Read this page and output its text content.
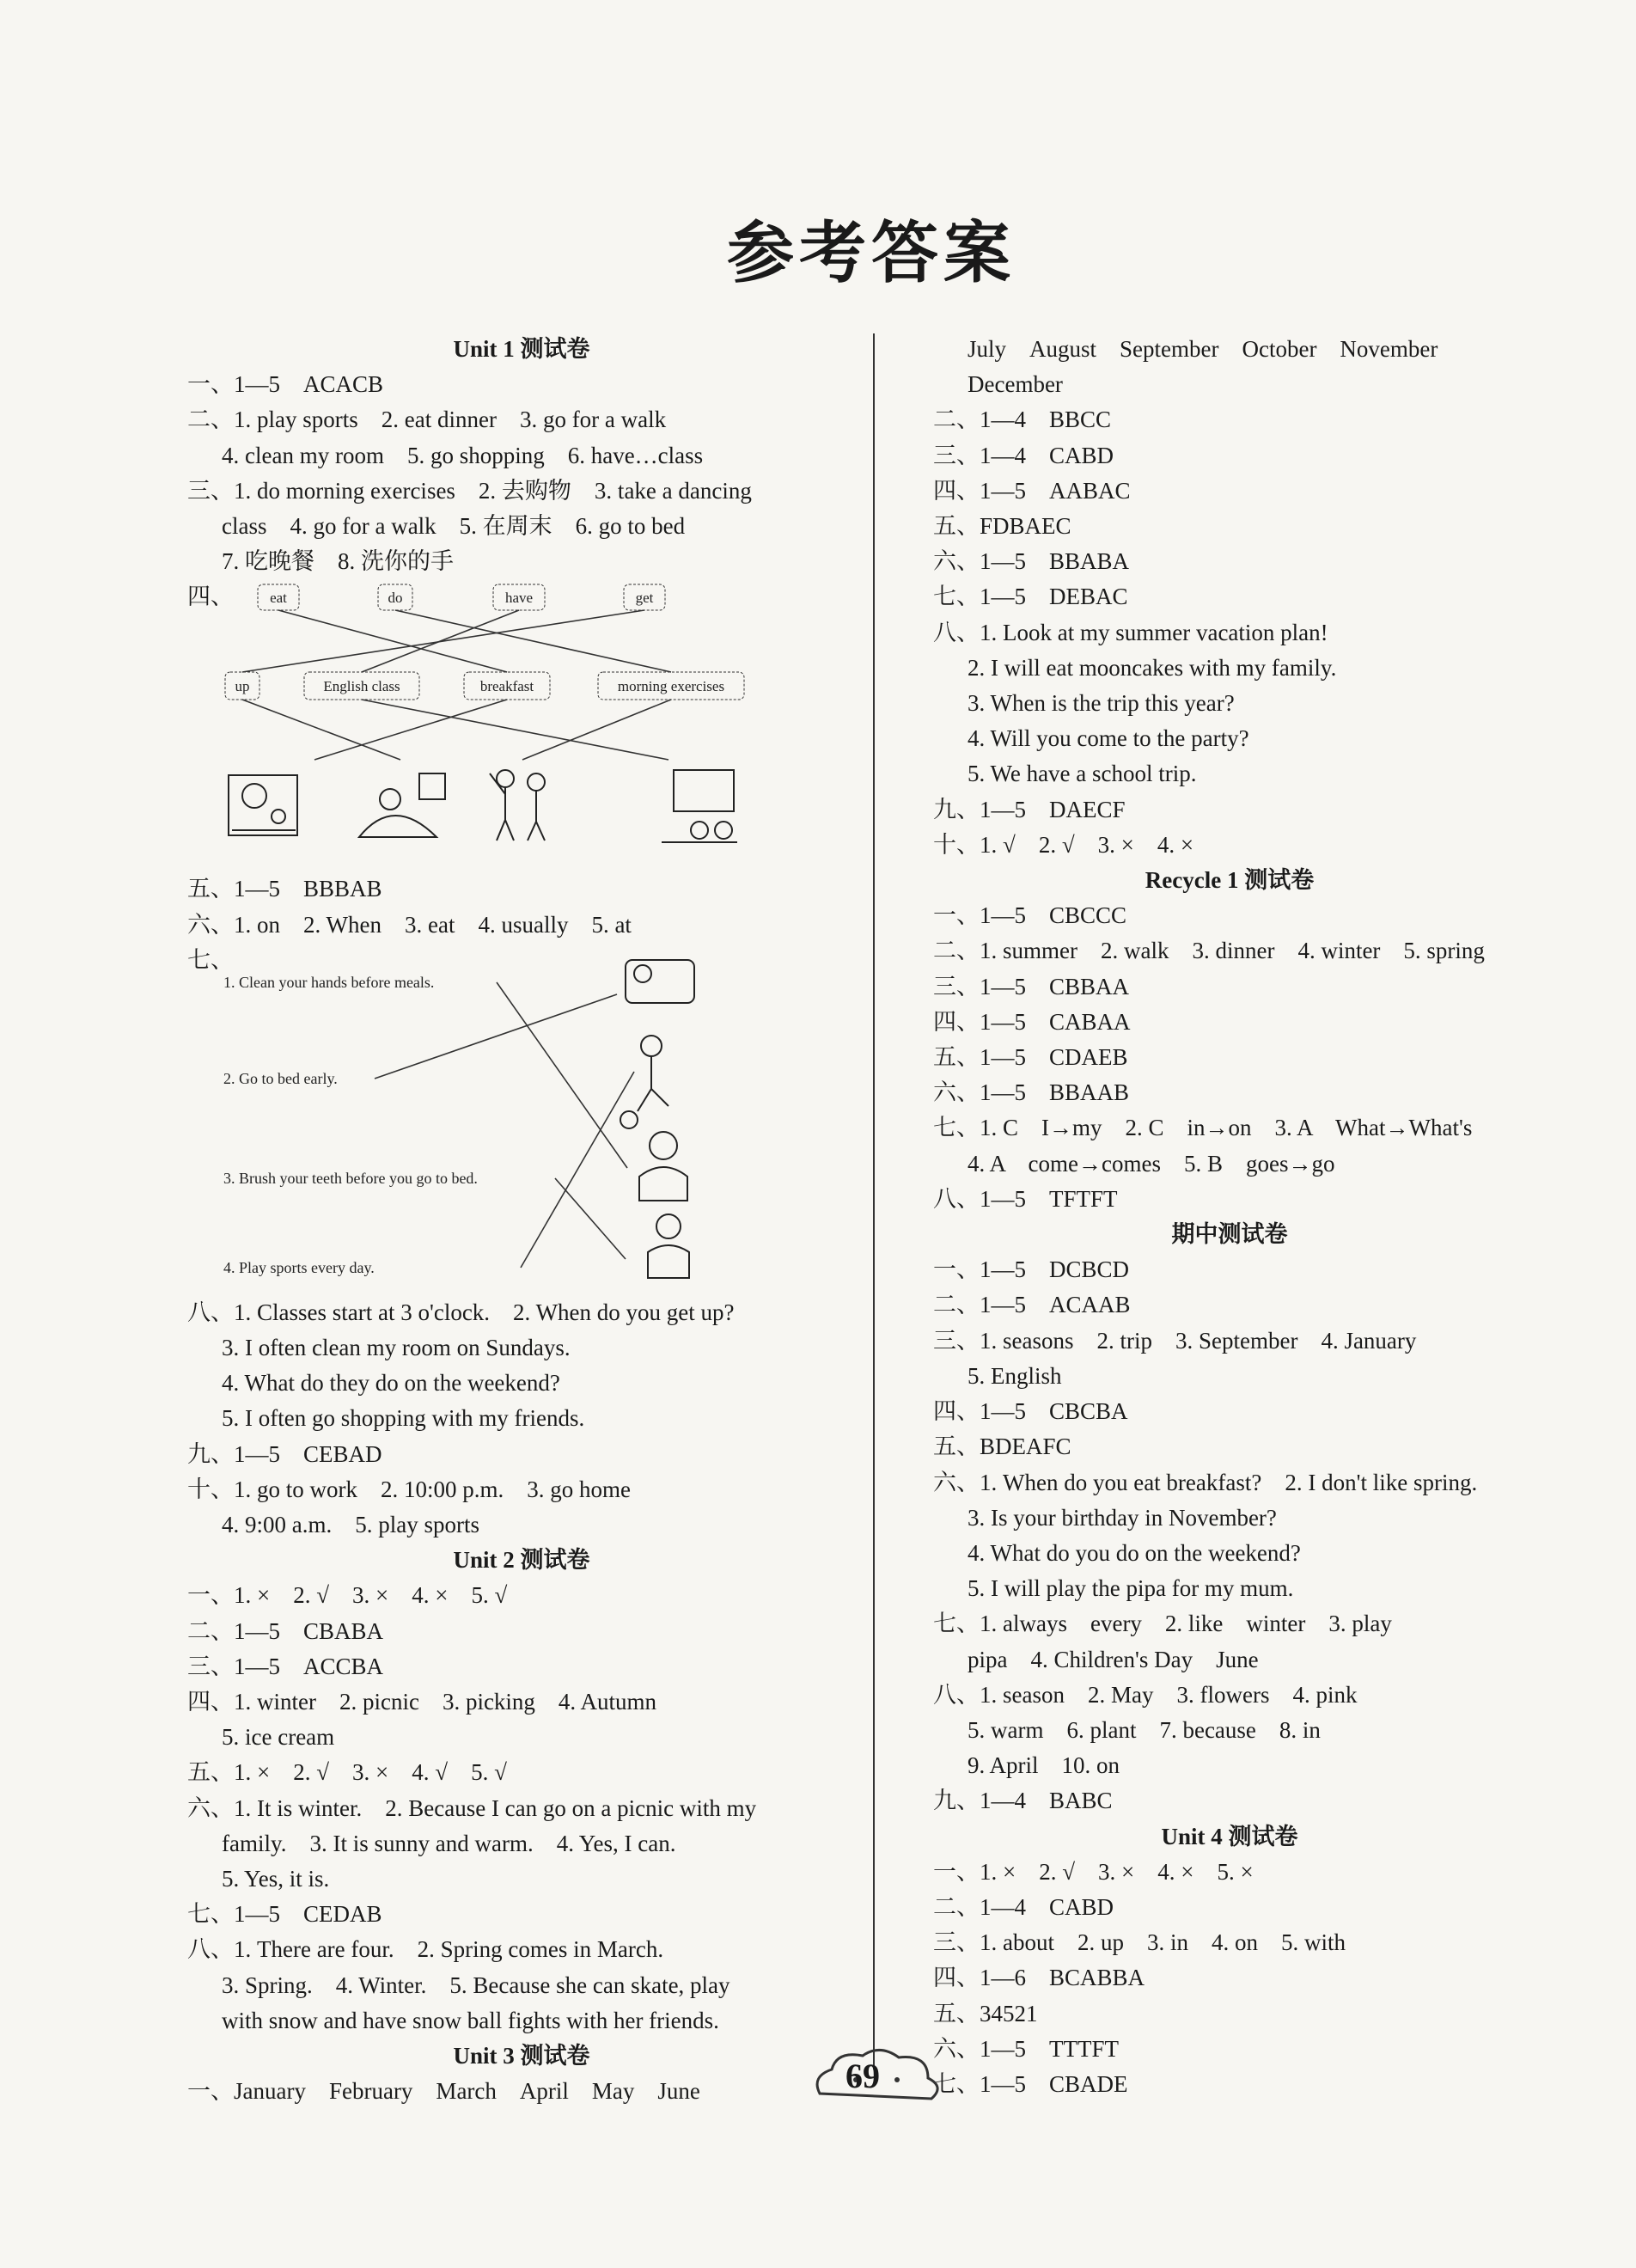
参考答案
Unit 1 测试卷
一、1—5　ACACB
二、1. play sports　2. eat dinner　3. go for a walk
4. clean my room　5. go shopping　6. have…class
三、1. do morning exercises　2. 去购物　3. take a dancing
class　4. go for a walk　5. 在周末　6. go to bed
7. 吃晚餐　8. 洗你的手
四、 eat	do	have	get
up	English class	breakfast	morning exercises
五、1—5　BBBAB
六、1. on　2. When　3. eat　4. usually　5. at
七、
1. Clean your hands before meals.
2. Go to bed early.
3. Brush your teeth before you go to bed.
4. Play sports every day.
八、1. Classes start at 3 o'clock.　2. When do you get up?
3. I often clean my room on Sundays.
4. What do they do on the weekend?
5. I often go shopping with my friends.
九、1—5　CEBAD
十、1. go to work　2. 10:00 p.m.　3. go home
4. 9:00 a.m.　5. play sports
Unit 2 测试卷
一、1. ×　2. √　3. ×　4. ×　5. √
二、1—5　CBABA
三、1—5　ACCBA
四、1. winter　2. picnic　3. picking　4. Autumn
5. ice cream
五、1. ×　2. √　3. ×　4. √　5. √
六、1. It is winter.　2. Because I can go on a picnic with my
family.　3. It is sunny and warm.　4. Yes, I can.
5. Yes, it is.
七、1—5　CEDAB
八、1. There are four.　2. Spring comes in March.
3. Spring.　4. Winter.　5. Because she can skate, play
with snow and have snow ball fights with her friends.
Unit 3 测试卷
一、January　February　March　April　May　June
July　August　September　October　November
December
二、1—4　BBCC
三、1—4　CABD
四、1—5　AABAC
五、FDBAEC
六、1—5　BBABA
七、1—5　DEBAC
八、1. Look at my summer vacation plan!
2. I will eat mooncakes with my family.
3. When is the trip this year?
4. Will you come to the party?
5. We have a school trip.
九、1—5　DAECF
十、1. √　2. √　3. ×　4. ×
Recycle 1 测试卷
一、1—5　CBCCC
二、1. summer　2. walk　3. dinner　4. winter　5. spring
三、1—5　CBBAA
四、1—5　CABAA
五、1—5　CDAEB
六、1—5　BBAAB
七、1. C　I→my　2. C　in→on　3. A　What→What's
4. A　come→comes　5. B　goes→go
八、1—5　TFTFT
期中测试卷
一、1—5　DCBCD
二、1—5　ACAAB
三、1. seasons　2. trip　3. September　4. January
5. English
四、1—5　CBCBA
五、BDEAFC
六、1. When do you eat breakfast?　2. I don't like spring.
3. Is your birthday in November?
4. What do you do on the weekend?
5. I will play the pipa for my mum.
七、1. always　every　2. like　winter　3. play
pipa　4. Children's Day　June
八、1. season　2. May　3. flowers　4. pink
5. warm　6. plant　7. because　8. in
9. April　10. on
九、1—4　BABC
Unit 4 测试卷
一、1. ×　2. √　3. ×　4. ×　5. ×
二、1—4　CABD
三、1. about　2. up　3. in　4. on　5. with
四、1—6　BCABBA
五、34521
六、1—5　TTTFT
七、1—5　CBADE
69
